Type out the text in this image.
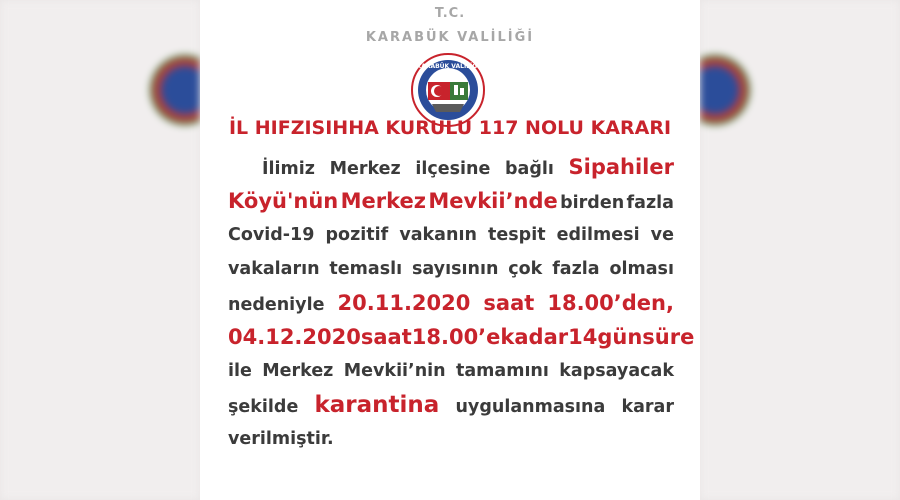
T.C.
KARABÜK VALİLİĞİ
KARABÜK VALİLİĞİ
İL HIFZISIHHA KURULU 117 NOLU KARARI
İlimiz Merkez ilçesine bağlı Sipahiler
Köyü'nün Merkez Mevkii’nde birden fazla
Covid-19 pozitif vakanın tespit edilmesi ve
vakaların temaslı sayısının çok fazla olması
nedeniyle 20.11.2020 saat 18.00’den,
04.12.2020 saat 18.00’e kadar 14 gün süre
ile Merkez Mevkii’nin tamamını kapsayacak
şekilde karantina uygulanmasına karar
verilmiştir.
